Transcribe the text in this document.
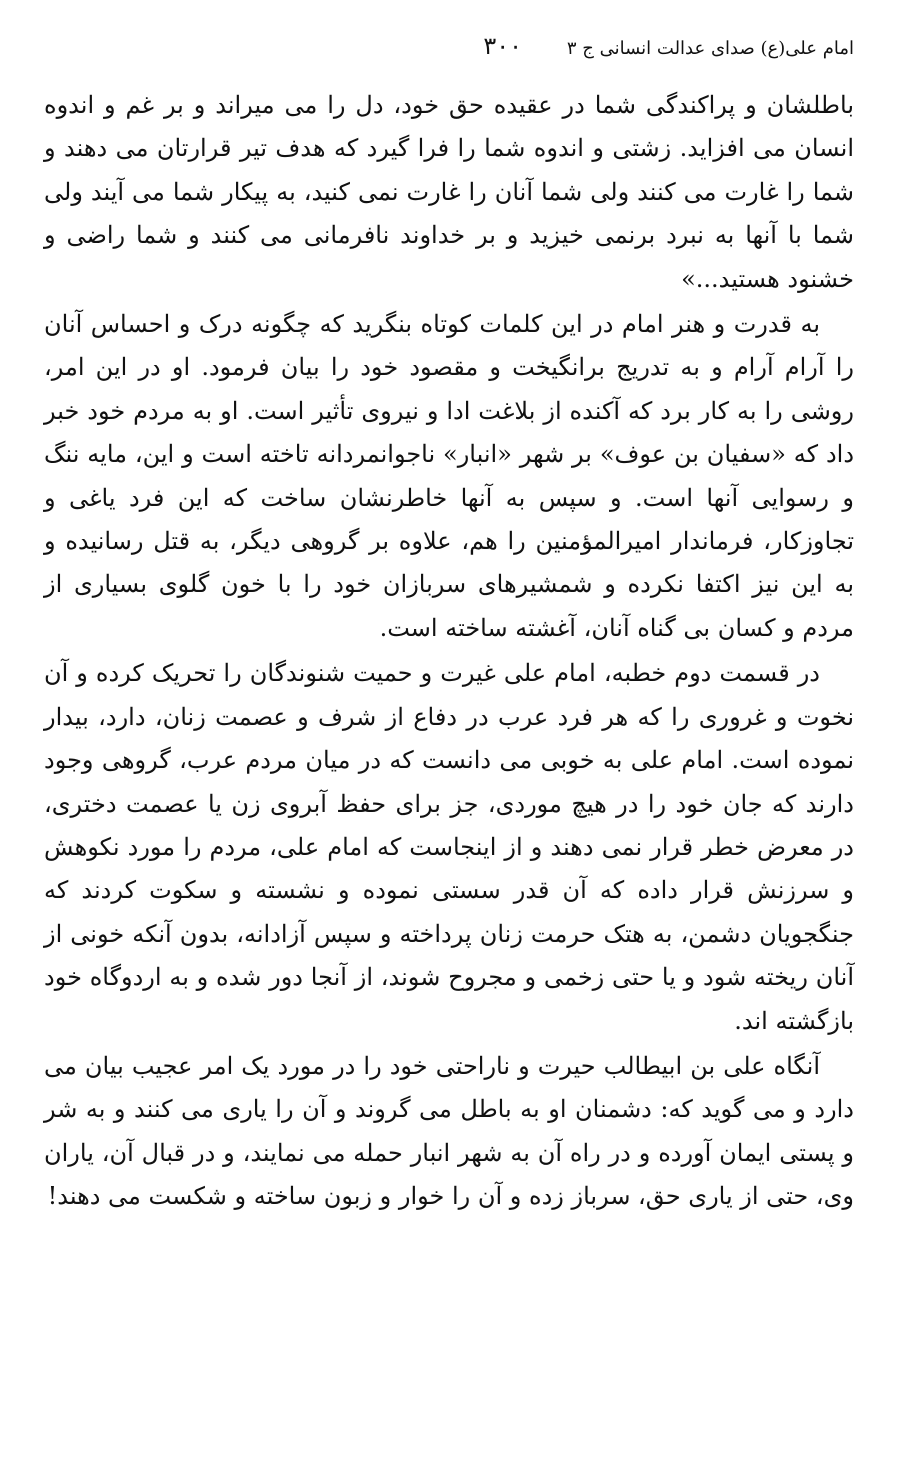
امام علی(ع) صدای عدالت انسانی ج ۳
۳۰۰

باطلشان و پراکندگی شما در عقیده حق خود، دل را می میراند و بر غم و اندوه انسان می افزاید. زشتی و اندوه شما را فرا گیرد که هدف تیر قرارتان می دهند و شما را غارت می کنند ولی شما آنان را غارت نمی کنید، به پیکار شما می آیند ولی شما با آنها به نبرد برنمی خیزید و بر خداوند نافرمانی می کنند و شما راضی و خشنود هستید...»

به قدرت و هنر امام در این کلمات کوتاه بنگرید که چگونه درک و احساس آنان را آرام آرام و به تدریج برانگیخت و مقصود خود را بیان فرمود. او در این امر، روشی را به کار برد که آکنده از بلاغت ادا و نیروی تأثیر است. او به مردم خود خبر داد که «سفیان بن عوف» بر شهر «انبار» ناجوانمردانه تاخته است و این، مایه ننگ و رسوایی آنها است. و سپس به آنها خاطرنشان ساخت که این فرد یاغی و تجاوزکار، فرماندار امیرالمؤمنین را هم، علاوه بر گروهی دیگر، به قتل رسانیده و به این نیز اکتفا نکرده و شمشیرهای سربازان خود را با خون گلوی بسیاری از مردم و کسان بی گناه آنان، آغشته ساخته است.

در قسمت دوم خطبه، امام علی غیرت و حمیت شنوندگان را تحریک کرده و آن نخوت و غروری را که هر فرد عرب در دفاع از شرف و عصمت زنان، دارد، بیدار نموده است. امام علی به خوبی می دانست که در میان مردم عرب، گروهی وجود دارند که جان خود را در هیچ موردی، جز برای حفظ آبروی زن یا عصمت دختری، در معرض خطر قرار نمی دهند و از اینجاست که امام علی، مردم را مورد نکوهش و سرزنش قرار داده که آن قدر سستی نموده و نشسته و سکوت کردند که جنگجویان دشمن، به هتک حرمت زنان پرداخته و سپس آزادانه، بدون آنکه خونی از آنان ریخته شود و یا حتی زخمی و مجروح شوند، از آنجا دور شده و به اردوگاه خود بازگشته اند.

آنگاه علی بن ابیطالب حیرت و ناراحتی خود را در مورد یک امر عجیب بیان می دارد و می گوید که: دشمنان او به باطل می گروند و آن را یاری می کنند و به شر و پستی ایمان آورده و در راه آن به شهر انبار حمله می نمایند، و در قبال آن، یاران وی، حتی از یاری حق، سرباز زده و آن را خوار و زبون ساخته و شکست می دهند!
